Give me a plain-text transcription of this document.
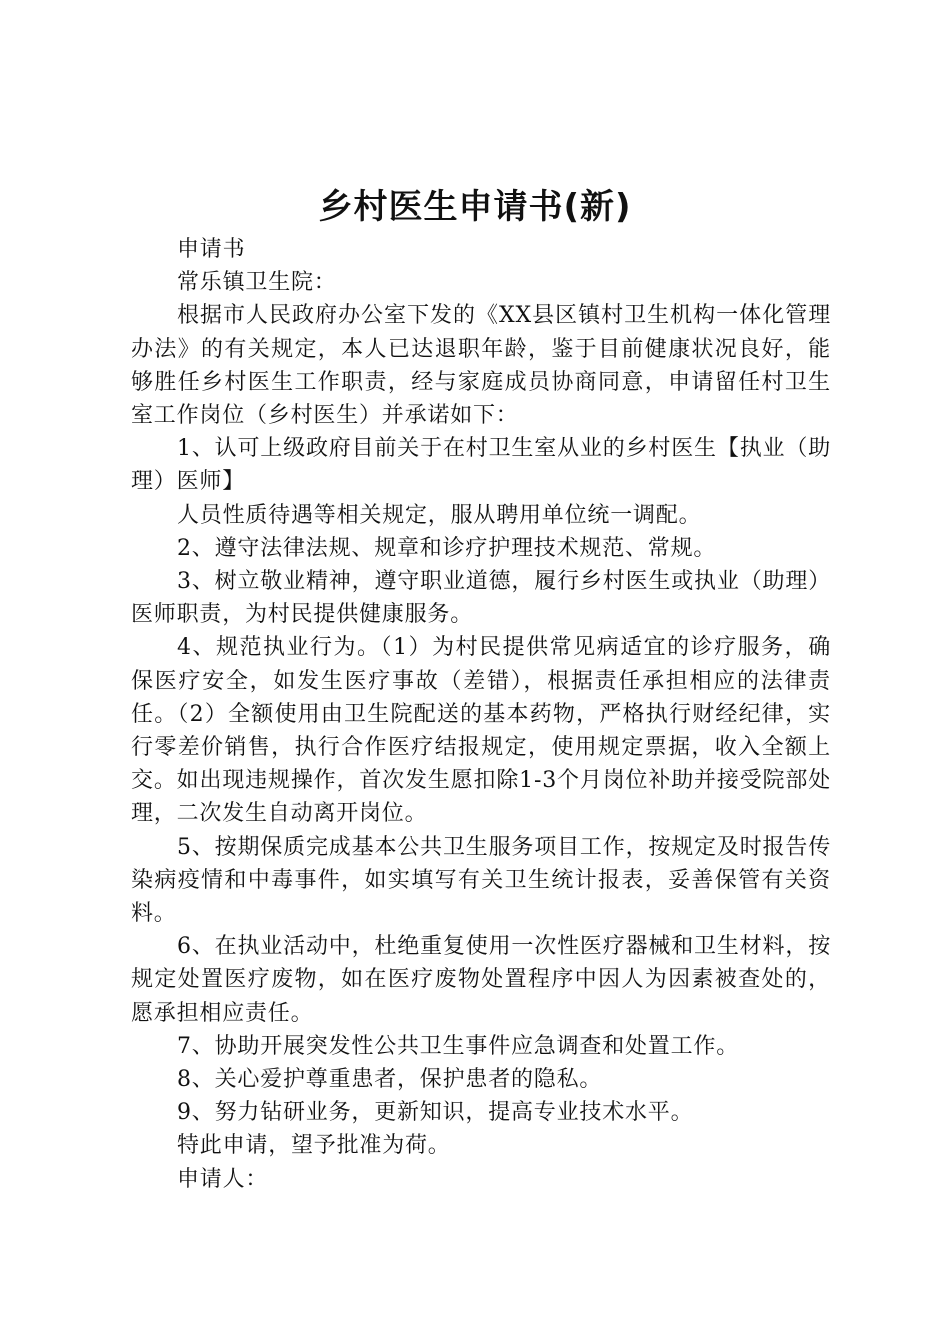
乡村医生申请书(新)

申请书

常乐镇卫生院：

根据市人民政府办公室下发的《XX县区镇村卫生机构一体化管理办法》的有关规定，本人已达退职年龄，鉴于目前健康状况良好，能够胜任乡村医生工作职责，经与家庭成员协商同意，申请留任村卫生室工作岗位（乡村医生）并承诺如下：

1、认可上级政府目前关于在村卫生室从业的乡村医生【执业（助理）医师】

人员性质待遇等相关规定，服从聘用单位统一调配。

2、遵守法律法规、规章和诊疗护理技术规范、常规。

3、树立敬业精神，遵守职业道德，履行乡村医生或执业（助理）医师职责，为村民提供健康服务。

4、规范执业行为。（1）为村民提供常见病适宜的诊疗服务，确保医疗安全，如发生医疗事故（差错），根据责任承担相应的法律责任。（2）全额使用由卫生院配送的基本药物，严格执行财经纪律，实行零差价销售，执行合作医疗结报规定，使用规定票据，收入全额上交。如出现违规操作，首次发生愿扣除1-3个月岗位补助并接受院部处理，二次发生自动离开岗位。

5、按期保质完成基本公共卫生服务项目工作，按规定及时报告传染病疫情和中毒事件，如实填写有关卫生统计报表，妥善保管有关资料。

6、在执业活动中，杜绝重复使用一次性医疗器械和卫生材料，按规定处置医疗废物，如在医疗废物处置程序中因人为因素被查处的，愿承担相应责任。

7、协助开展突发性公共卫生事件应急调查和处置工作。

8、关心爱护尊重患者，保护患者的隐私。

9、努力钻研业务，更新知识，提高专业技术水平。

特此申请，望予批准为荷。

申请人：
